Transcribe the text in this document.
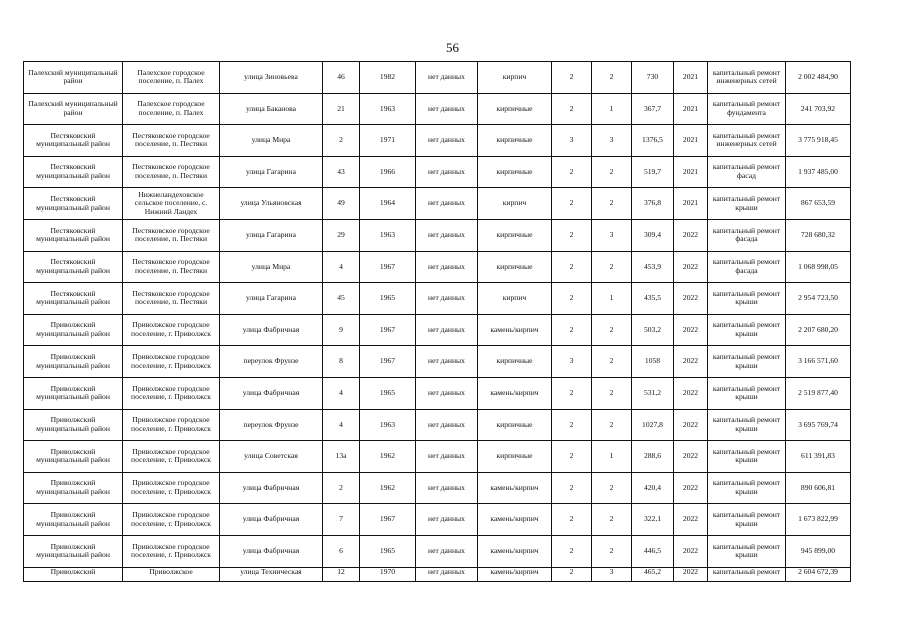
56
Палехский муниципальный район	Палехское городское поселение, п. Палех	улица Зиновьева	46	1982	нет данных	кирпич	2	2	730	2021	капитальный ремонт инженерных сетей	2 002 484,90
Палехский муниципальный район	Палехское городское поселение, п. Палех	улица Баканова	21	1963	нет данных	кирпичные	2	1	367,7	2021	капитальный ремонт фундамента	241 703,92
Пестяковский муниципальный район	Пестяковское городское поселение, п. Пестяки	улица Мира	2	1971	нет данных	кирпичные	3	3	1376,5	2021	капитальный ремонт инженерных сетей	3 775 918,45
Пестяковский муниципальный район	Пестяковское городское поселение, п. Пестяки	улица Гагарина	43	1966	нет данных	кирпичные	2	2	519,7	2021	капитальный ремонт фасад	1 937 485,00
Пестяковский муниципальный район	Нижнеландеховское сельское поселение, с. Нижний Ландех	улица Ульяновская	49	1964	нет данных	кирпич	2	2	376,8	2021	капитальный ремонт крыши	867 653,59
Пестяковский муниципальный район	Пестяковское городское поселение, п. Пестяки	улица Гагарина	29	1963	нет данных	кирпичные	2	3	309,4	2022	капитальный ремонт фасада	728 680,32
Пестяковский муниципальный район	Пестяковское городское поселение, п. Пестяки	улица Мира	4	1967	нет данных	кирпичные	2	2	453,9	2022	капитальный ремонт фасада	1 068 998,05
Пестяковский муниципальный район	Пестяковское городское поселение, п. Пестяки	улица Гагарина	45	1965	нет данных	кирпич	2	1	435,5	2022	капитальный ремонт крыши	2 954 723,50
Приволжский муниципальный район	Приволжское городское поселение, г. Приволжск	улица Фабричная	9	1967	нет данных	камень/кирпич	2	2	503,2	2022	капитальный ремонт крыши	2 207 680,20
Приволжский муниципальный район	Приволжское городское поселение, г. Приволжск	переулок Фрунзе	8	1967	нет данных	кирпичные	3	2	1058	2022	капитальный ремонт крыши	3 166 571,60
Приволжский муниципальный район	Приволжское городское поселение, г. Приволжск	улица Фабричная	4	1965	нет данных	камень/кирпич	2	2	531,2	2022	капитальный ремонт крыши	2 519 877,40
Приволжский муниципальный район	Приволжское городское поселение, г. Приволжск	переулок Фрунзе	4	1963	нет данных	кирпичные	2	2	1027,8	2022	капитальный ремонт крыши	3 695 769,74
Приволжский муниципальный район	Приволжское городское поселение, г. Приволжск	улица Советская	13а	1962	нет данных	кирпичные	2	1	288,6	2022	капитальный ремонт крыши	611 391,83
Приволжский муниципальный район	Приволжское городское поселение, г. Приволжск	улица Фабричная	2	1962	нет данных	камень/кирпич	2	2	420,4	2022	капитальный ремонт крыши	890 606,81
Приволжский муниципальный район	Приволжское городское поселение, г. Приволжск	улица Фабричная	7	1967	нет данных	камень/кирпич	2	2	322,1	2022	капитальный ремонт крыши	1 673 822,99
Приволжский муниципальный район	Приволжское городское поселение, г. Приволжск	улица Фабричная	6	1965	нет данных	камень/кирпич	2	2	446,5	2022	капитальный ремонт крыши	945 899,00
Приволжский	Приволжское	улица Техническая	12	1970	нет данных	камень/кирпич	2	3	465,2	2022	капитальный ремонт	2 604 672,39
